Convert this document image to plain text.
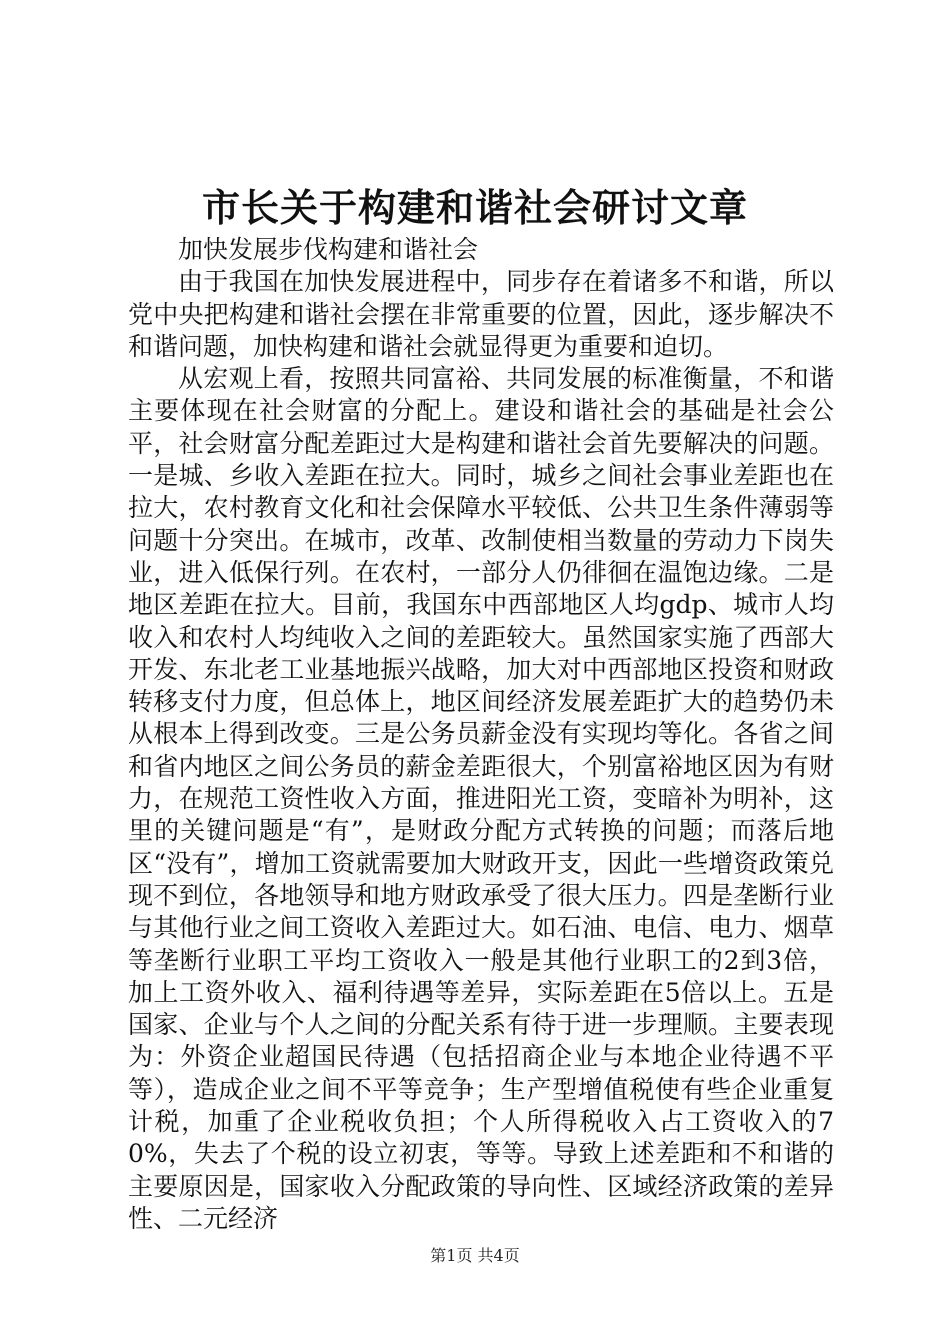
市长关于构建和谐社会研讨文章

加快发展步伐构建和谐社会

由于我国在加快发展进程中，同步存在着诸多不和谐，所以党中央把构建和谐社会摆在非常重要的位置，因此，逐步解决不和谐问题，加快构建和谐社会就显得更为重要和迫切。

从宏观上看，按照共同富裕、共同发展的标准衡量，不和谐主要体现在社会财富的分配上。建设和谐社会的基础是社会公平，社会财富分配差距过大是构建和谐社会首先要解决的问题。一是城、乡收入差距在拉大。同时，城乡之间社会事业差距也在拉大，农村教育文化和社会保障水平较低、公共卫生条件薄弱等问题十分突出。在城市，改革、改制使相当数量的劳动力下岗失业，进入低保行列。在农村，一部分人仍徘徊在温饱边缘。二是地区差距在拉大。目前，我国东中西部地区人均gdp、城市人均收入和农村人均纯收入之间的差距较大。虽然国家实施了西部大开发、东北老工业基地振兴战略，加大对中西部地区投资和财政转移支付力度，但总体上，地区间经济发展差距扩大的趋势仍未从根本上得到改变。三是公务员薪金没有实现均等化。各省之间和省内地区之间公务员的薪金差距很大，个别富裕地区因为有财力，在规范工资性收入方面，推进阳光工资，变暗补为明补，这里的关键问题是“有”，是财政分配方式转换的问题；而落后地区“没有”，增加工资就需要加大财政开支，因此一些增资政策兑现不到位，各地领导和地方财政承受了很大压力。四是垄断行业与其他行业之间工资收入差距过大。如石油、电信、电力、烟草等垄断行业职工平均工资收入一般是其他行业职工的2到3倍，加上工资外收入、福利待遇等差异，实际差距在5倍以上。五是国家、企业与个人之间的分配关系有待于进一步理顺。主要表现为：外资企业超国民待遇（包括招商企业与本地企业待遇不平等），造成企业之间不平等竞争；生产型增值税使有些企业重复计税，加重了企业税收负担；个人所得税收入占工资收入的70%，失去了个税的设立初衷，等等。导致上述差距和不和谐的主要原因是，国家收入分配政策的导向性、区域经济政策的差异性、二元经济

第1页 共4页
